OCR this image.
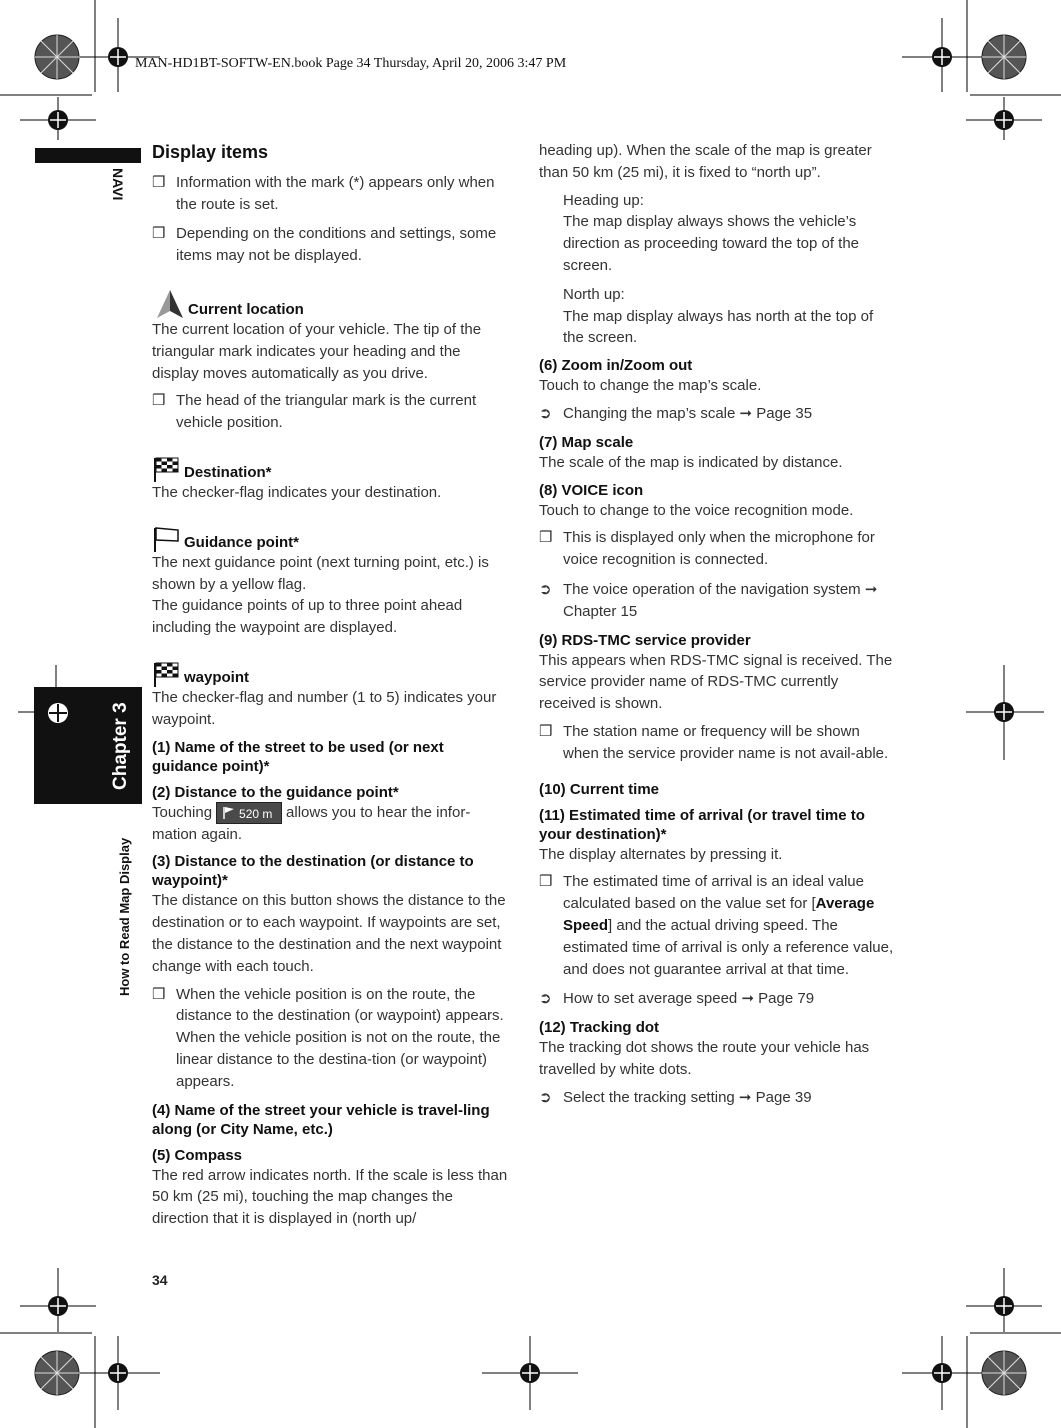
MAN-HD1BT-SOFTW-EN.book Page 34 Thursday, April 20, 2006 3:47 PM
NAVI
Chapter 3
How to Read Map Display
34
Display items
❒ Information with the mark (*) appears only when the route is set.
❒ Depending on the conditions and settings, some items may not be displayed.
Current location

The current location of your vehicle. The tip of the triangular mark indicates your heading and the display moves automatically as you drive.

❒ The head of the triangular mark is the current vehicle position.
Destination*

The checker-flag indicates your destination.

Guidance point*

The next guidance point (next turning point, etc.) is shown by a yellow flag.

The guidance points of up to three point ahead including the waypoint are displayed.

waypoint

The checker-flag and number (1 to 5) indicates your waypoint.

(1) Name of the street to be used (or next guidance point)*

(2) Distance to the guidance point*

Touching 520 m allows you to hear the infor-mation again.

(3) Distance to the destination (or distance to waypoint)*

The distance on this button shows the distance to the destination or to each waypoint. If waypoints are set, the distance to the destination and the next waypoint change with each touch.

❒ When the vehicle position is on the route, the distance to the destination (or waypoint) appears. When the vehicle position is not on the route, the linear distance to the destina-tion (or waypoint) appears.

(4) Name of the street your vehicle is travel-ling along (or City Name, etc.)

(5) Compass

The red arrow indicates north. If the scale is less than 50 km (25 mi), touching the map changes the direction that it is displayed in (north up/

heading up). When the scale of the map is greater than 50 km (25 mi), it is fixed to “north up”.

Heading up:

The map display always shows the vehicle’s direction as proceeding toward the top of the screen.

North up:

The map display always has north at the top of the screen.

(6) Zoom in/Zoom out

Touch to change the map’s scale.

➲ Changing the map’s scale ➞ Page 35

(7) Map scale

The scale of the map is indicated by distance.

(8) VOICE icon

Touch to change to the voice recognition mode.

❒ This is displayed only when the microphone for voice recognition is connected.
➲ The voice operation of the navigation system ➞ Chapter 15

(9) RDS-TMC service provider

This appears when RDS-TMC signal is received. The service provider name of RDS-TMC currently received is shown.

❒ The station name or frequency will be shown when the service provider name is not avail-able.

(10) Current time

(11) Estimated time of arrival (or travel time to your destination)*

The display alternates by pressing it.

❒ The estimated time of arrival is an ideal value calculated based on the value set for [Average Speed] and the actual driving speed. The estimated time of arrival is only a reference value, and does not guarantee arrival at that time.
➲ How to set average speed ➞ Page 79

(12) Tracking dot

The tracking dot shows the route your vehicle has travelled by white dots.

➲ Select the tracking setting ➞ Page 39
